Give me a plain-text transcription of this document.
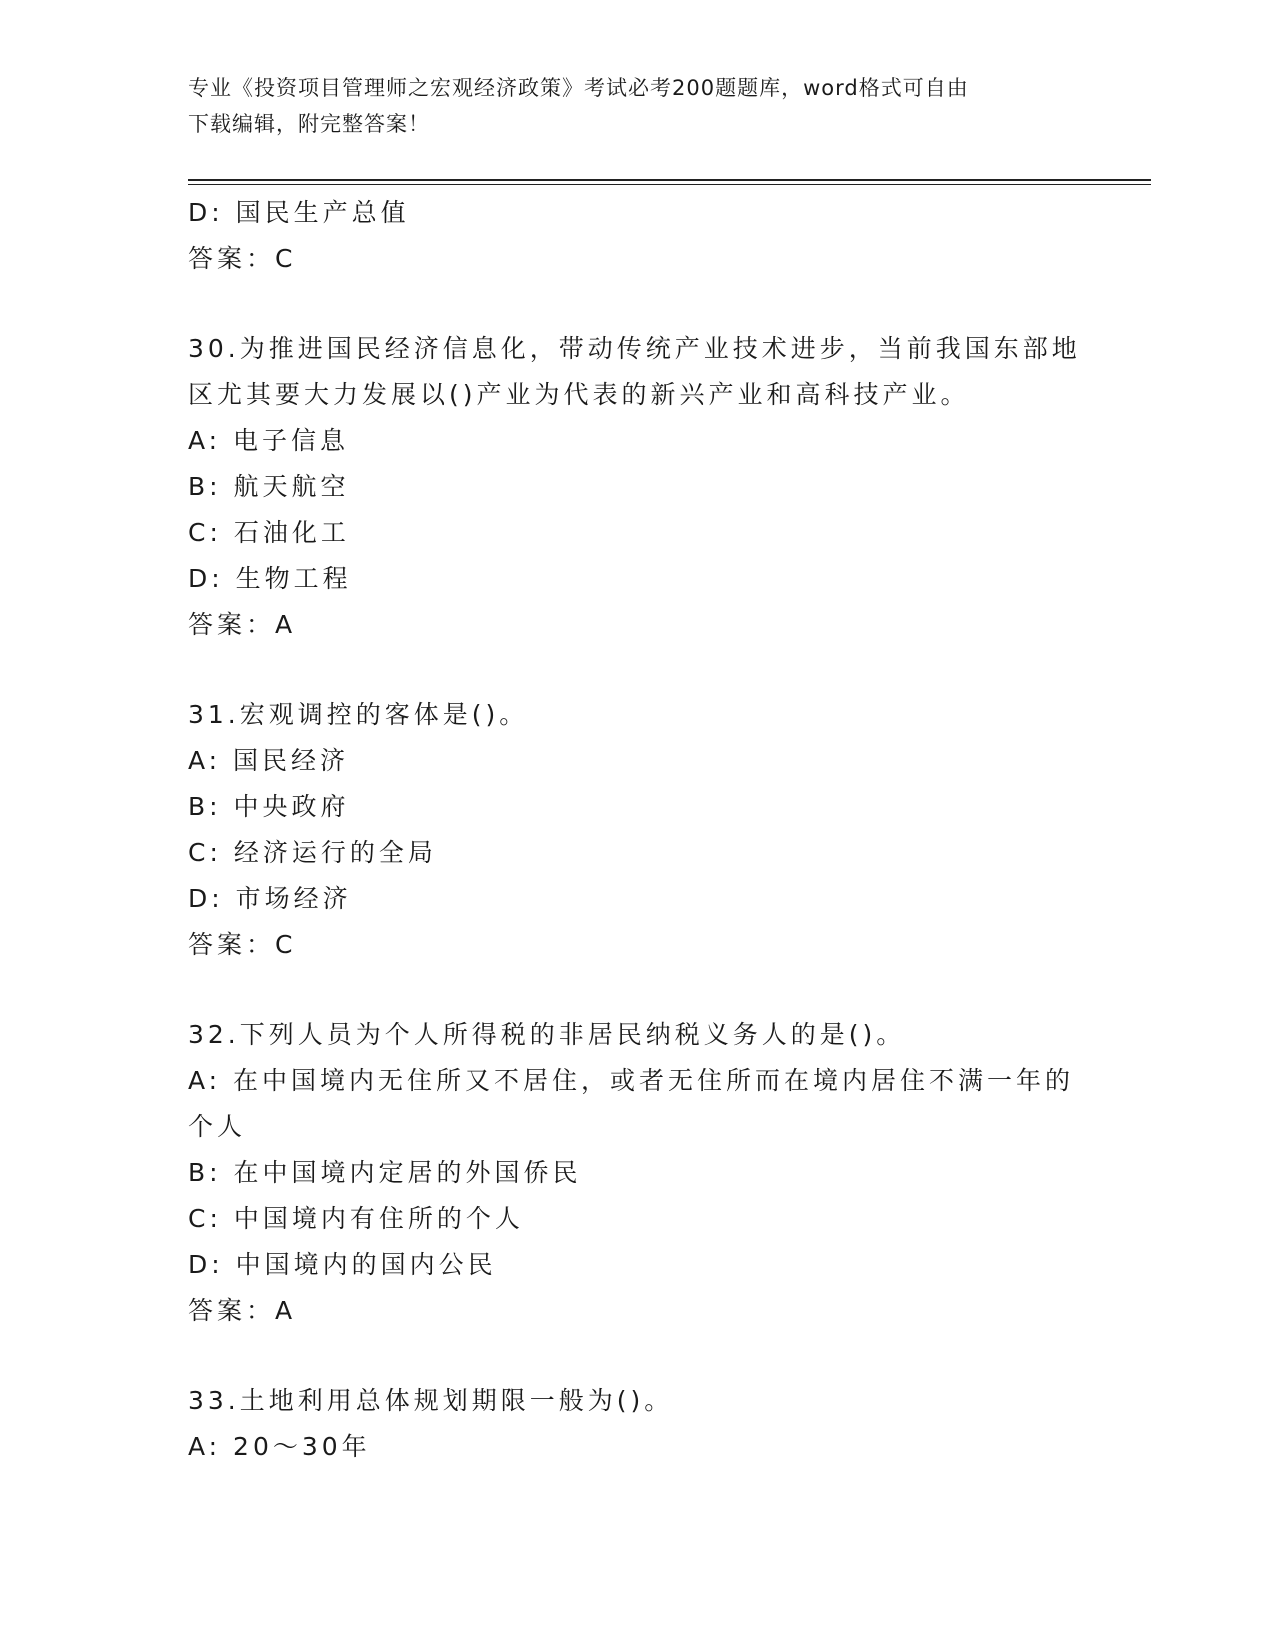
专业《投资项目管理师之宏观经济政策》考试必考200题题库，word格式可自由
下载编辑，附完整答案！
D: 国民生产总值
答案：C
30.为推进国民经济信息化，带动传统产业技术进步，当前我国东部地
区尤其要大力发展以()产业为代表的新兴产业和高科技产业。
A: 电子信息
B: 航天航空
C: 石油化工
D: 生物工程
答案：A
31.宏观调控的客体是()。
A: 国民经济
B: 中央政府
C: 经济运行的全局
D: 市场经济
答案：C
32.下列人员为个人所得税的非居民纳税义务人的是()。
A: 在中国境内无住所又不居住，或者无住所而在境内居住不满一年的
个人
B: 在中国境内定居的外国侨民
C: 中国境内有住所的个人
D: 中国境内的国内公民
答案：A
33.土地利用总体规划期限一般为()。
A: 20～30年
